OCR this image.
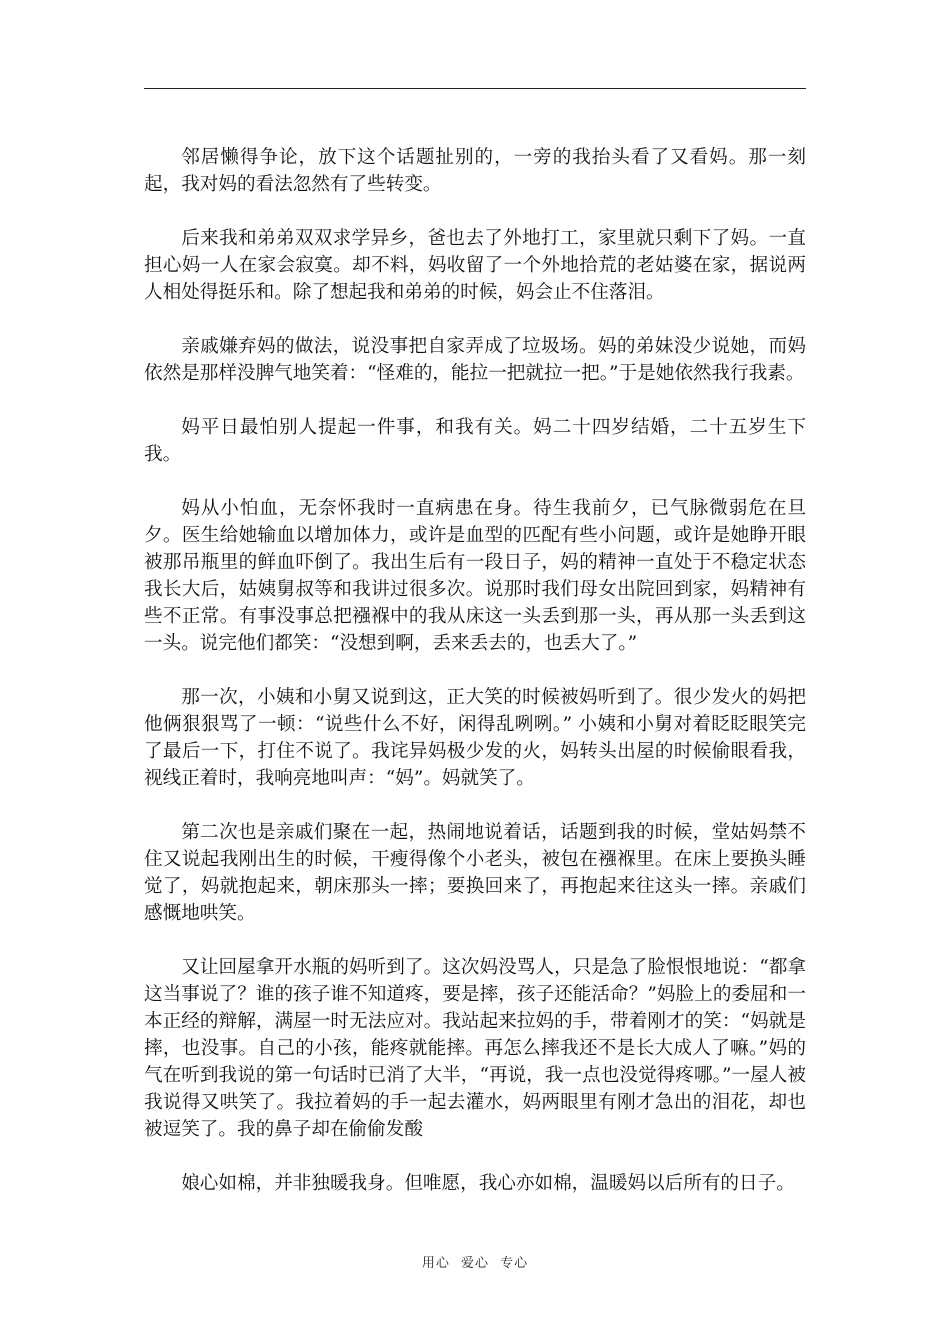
邻居懒得争论，放下这个话题扯别的，一旁的我抬头看了又看妈。那一刻起，我对妈的看法忽然有了些转变。

后来我和弟弟双双求学异乡，爸也去了外地打工，家里就只剩下了妈。一直担心妈一人在家会寂寞。却不料，妈收留了一个外地拾荒的老姑婆在家，据说两人相处得挺乐和。除了想起我和弟弟的时候，妈会止不住落泪。

亲戚嫌弃妈的做法，说没事把自家弄成了垃圾场。妈的弟妹没少说她，而妈依然是那样没脾气地笑着：“怪难的，能拉一把就拉一把。”于是她依然我行我素。

妈平日最怕别人提起一件事，和我有关。妈二十四岁结婚，二十五岁生下我。

妈从小怕血，无奈怀我时一直病患在身。待生我前夕，已气脉微弱危在旦夕。医生给她输血以增加体力，或许是血型的匹配有些小问题，或许是她睁开眼被那吊瓶里的鲜血吓倒了。我出生后有一段日子，妈的精神一直处于不稳定状态我长大后，姑姨舅叔等和我讲过很多次。说那时我们母女出院回到家，妈精神有些不正常。有事没事总把襁褓中的我从床这一头丢到那一头，再从那一头丢到这一头。说完他们都笑：“没想到啊，丢来丢去的，也丢大了。”

那一次，小姨和小舅又说到这，正大笑的时候被妈听到了。很少发火的妈把他俩狠狠骂了一顿：“说些什么不好，闲得乱咧咧。” 小姨和小舅对着眨眨眼笑完了最后一下，打住不说了。我诧异妈极少发的火，妈转头出屋的时候偷眼看我，视线正着时，我响亮地叫声：“妈”。妈就笑了。

第二次也是亲戚们聚在一起，热闹地说着话，话题到我的时候，堂姑妈禁不住又说起我刚出生的时候，干瘦得像个小老头，被包在襁褓里。在床上要换头睡觉了，妈就抱起来，朝床那头一摔；要换回来了，再抱起来往这头一摔。亲戚们感慨地哄笑。

又让回屋拿开水瓶的妈听到了。这次妈没骂人，只是急了脸恨恨地说：“都拿这当事说了？谁的孩子谁不知道疼，要是摔，孩子还能活命？”妈脸上的委屈和一本正经的辩解，满屋一时无法应对。我站起来拉妈的手，带着刚才的笑：“妈就是摔，也没事。自己的小孩，能疼就能摔。再怎么摔我还不是长大成人了嘛。”妈的气在听到我说的第一句话时已消了大半，“再说，我一点也没觉得疼哪。”一屋人被我说得又哄笑了。我拉着妈的手一起去灌水，妈两眼里有刚才急出的泪花，却也被逗笑了。我的鼻子却在偷偷发酸

娘心如棉，并非独暖我身。但唯愿，我心亦如棉，温暖妈以后所有的日子。

用心 爱心 专心
